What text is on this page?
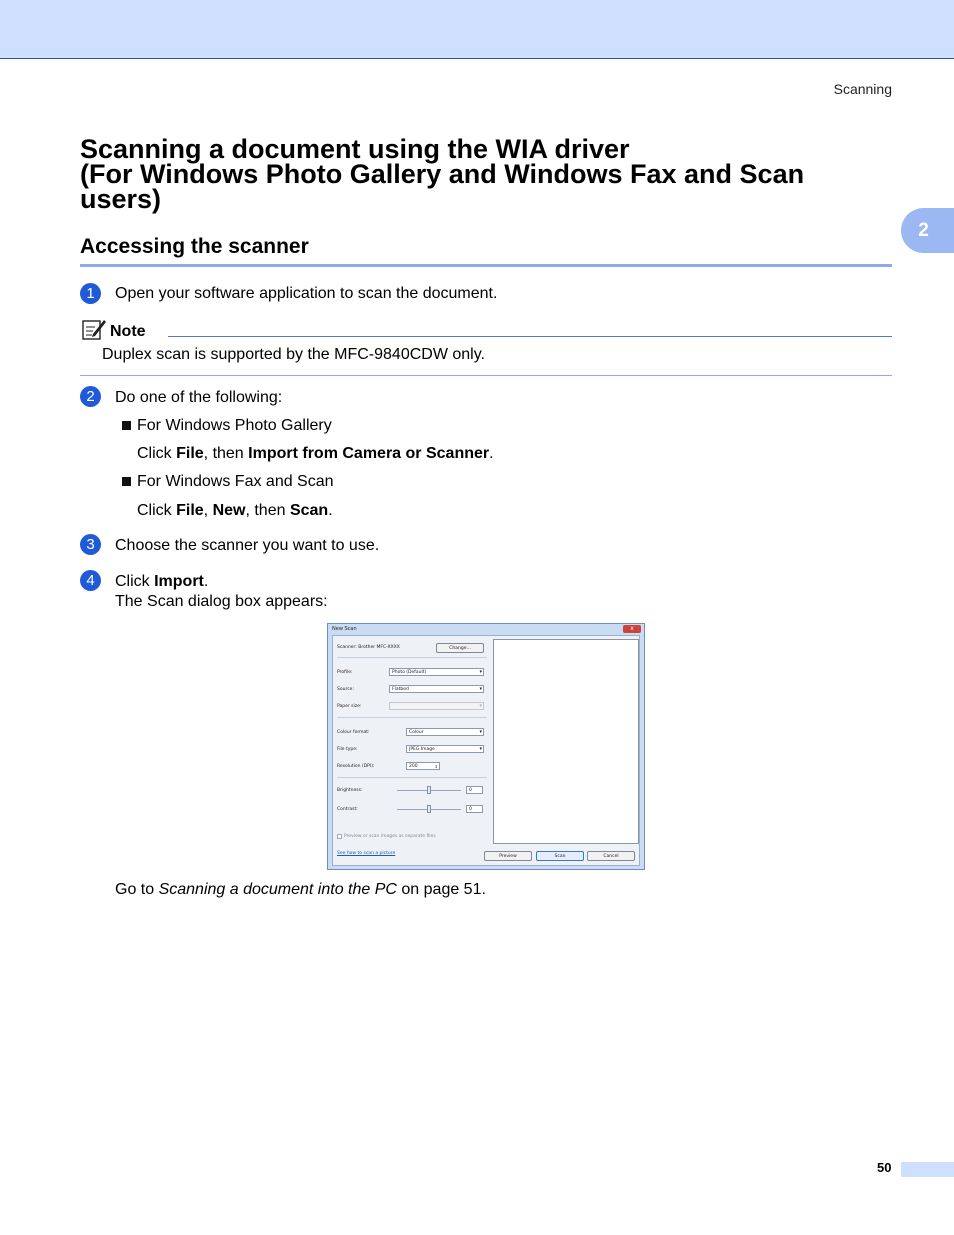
Scanning
2
Scanning a document using the WIA driver
(For Windows Photo Gallery and Windows Fax and Scan
users)
Accessing the scanner
1	Open your software application to scan the document.
Note
Duplex scan is supported by the MFC-9840CDW only.
2	Do one of the following:
For Windows Photo Gallery
Click File, then Import from Camera or Scanner.
For Windows Fax and Scan
Click File, New, then Scan.
3	Choose the scanner you want to use.
4	Click Import.
The Scan dialog box appears:
New Scan	x
Scanner: Brother MFC-XXXX	Change...
Profile:	Photo (Default)	▾
Source:	Flatbed	▾
Paper size:	▾
Colour format:	Colour	▾
File type:	JPEG Image	▾
Resolution (DPI):	200	⇕
Brightness:	0
Contrast:	0
Preview or scan images as separate files
See how to scan a picture
Preview	Scan	Cancel
Go to Scanning a document into the PC on page 51.
50
